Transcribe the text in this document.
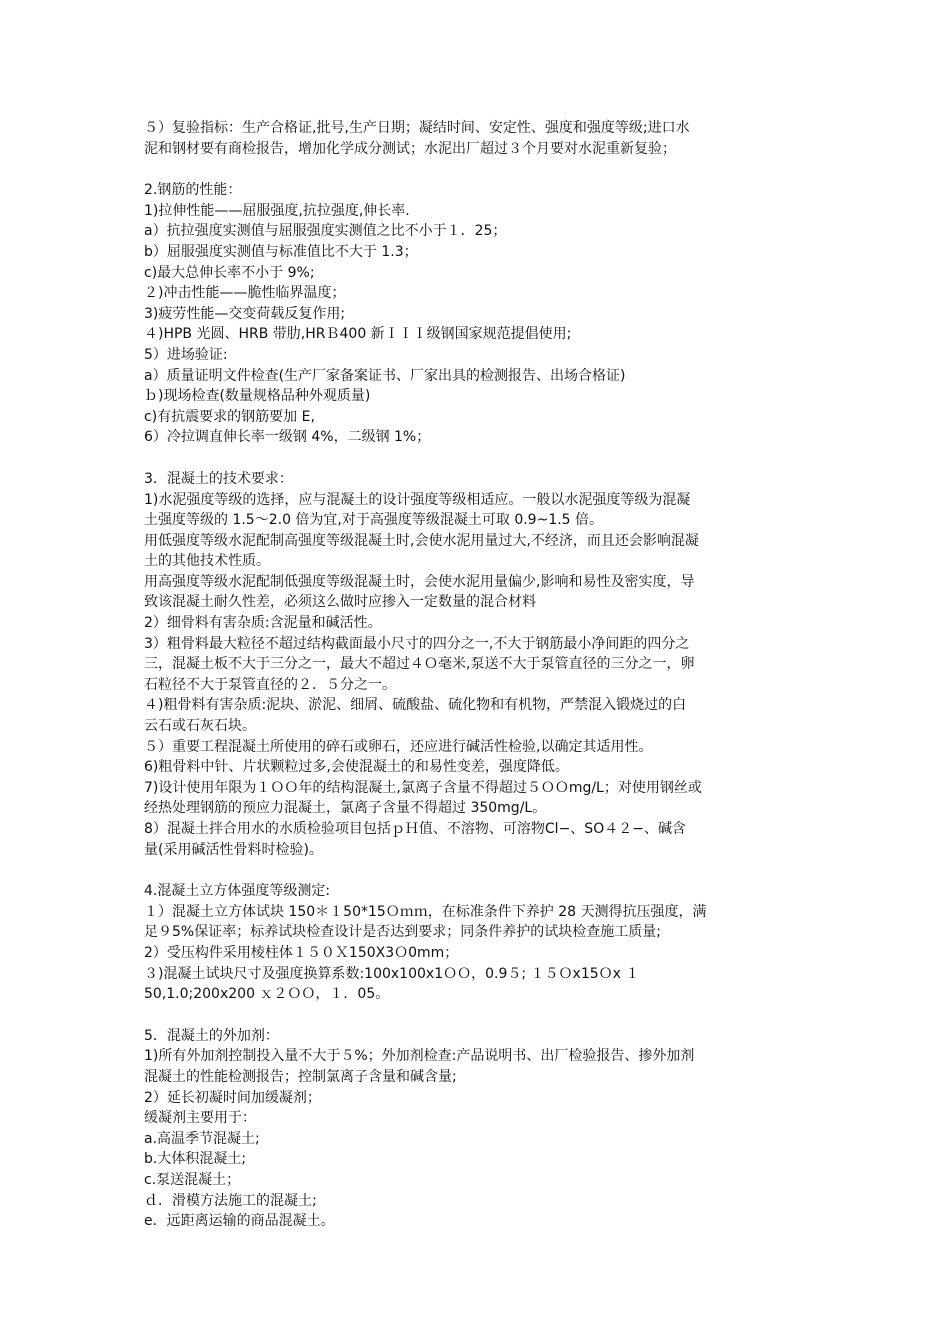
５）复验指标：生产合格证,批号,生产日期；凝结时间、安定性、强度和强度等级;进口水
泥和钢材要有商检报告，增加化学成分测试；水泥出厂超过３个月要对水泥重新复验；
2.钢筋的性能：
1)拉伸性能——屈服强度,抗拉强度,伸长率.
a）抗拉强度实测值与屈服强度实测值之比不小于１．25；
b）屈服强度实测值与标准值比不大于 1.3；
c)最大总伸长率不小于 9%;
２)冲击性能——脆性临界温度；
3)疲劳性能—交变荷载反复作用;
４)HPB 光圆、HRB 带肋,HRＢ400 新ＩＩＩ级钢国家规范提倡使用;
5）进场验证:
a）质量证明文件检查(生产厂家备案证书、厂家出具的检测报告、出场合格证)
ｂ)现场检查(数量规格品种外观质量)
c)有抗震要求的钢筋要加 E,
6）冷拉调直伸长率一级钢 4%，二级钢 1%；
3．混凝土的技术要求：
1)水泥强度等级的选择，应与混凝土的设计强度等级相适应。一般以水泥强度等级为混凝
土强度等级的 1.5～2.0 倍为宜,对于高强度等级混凝土可取 0.9~1.5 倍。
用低强度等级水泥配制高强度等级混凝土时,会使水泥用量过大,不经济，而且还会影响混凝
土的其他技术性质。
用高强度等级水泥配制低强度等级混凝土时，会使水泥用量偏少,影响和易性及密实度，导
致该混凝土耐久性差，必须这么做时应掺入一定数量的混合材料
2）细骨料有害杂质:含泥量和碱活性。
3）粗骨料最大粒径不超过结构截面最小尺寸的四分之一,不大于钢筋最小净间距的四分之
三，混凝土板不大于三分之一，最大不超过４Ｏ毫米,泵送不大于泵管直径的三分之一，卵
石粒径不大于泵管直径的２．５分之一。
４)粗骨料有害杂质:泥块、淤泥、细屑、硫酸盐、硫化物和有机物，严禁混入锻烧过的白
云石或石灰石块。
５）重要工程混凝土所使用的碎石或卵石，还应进行碱活性检验,以确定其适用性。
6)粗骨料中针、片状颗粒过多,会使混凝土的和易性变差，强度降低。
7)设计使用年限为１ＯＯ年的结构混凝土,氯离子含量不得超过５ＯＯmg/L；对使用钢丝或
经热处理钢筋的预应力混凝土，氯离子含量不得超过 350mg/L。
8）混凝土拌合用水的水质检验项目包括ｐＨ值、不溶物、可溶物Cl−、SO４２−、碱含
量(采用碱活性骨料时检验)。
4.混凝土立方体强度等级测定:
１）混凝土立方体试块 150＊１50*15Ｏｍｍ，在标准条件下养护 28 天测得抗压强度，满
足９5%保证率；标养试块检查设计是否达到要求；同条件养护的试块检查施工质量;
2）受压构件采用棱柱体１５０Ｘ150X3Ｏ0mm；
３)混凝土试块尺寸及强度换算系数:100x100x1ＯＯ，0.9５; １５Ｏx15Ｏx １
50,1.0;200x200 ｘ２ＯＯ，１．05。
5．混凝土的外加剂：
1)所有外加剂控制投入量不大于５%；外加剂检查:产品说明书、出厂检验报告、掺外加剂
混凝土的性能检测报告；控制氯离子含量和碱含量;
2）延长初凝时间加缓凝剂；
缓凝剂主要用于：
a.高温季节混凝土;
b.大体积混凝土;
c.泵送混凝土；
ｄ．滑模方法施工的混凝土;
e．远距离运输的商品混凝土。
